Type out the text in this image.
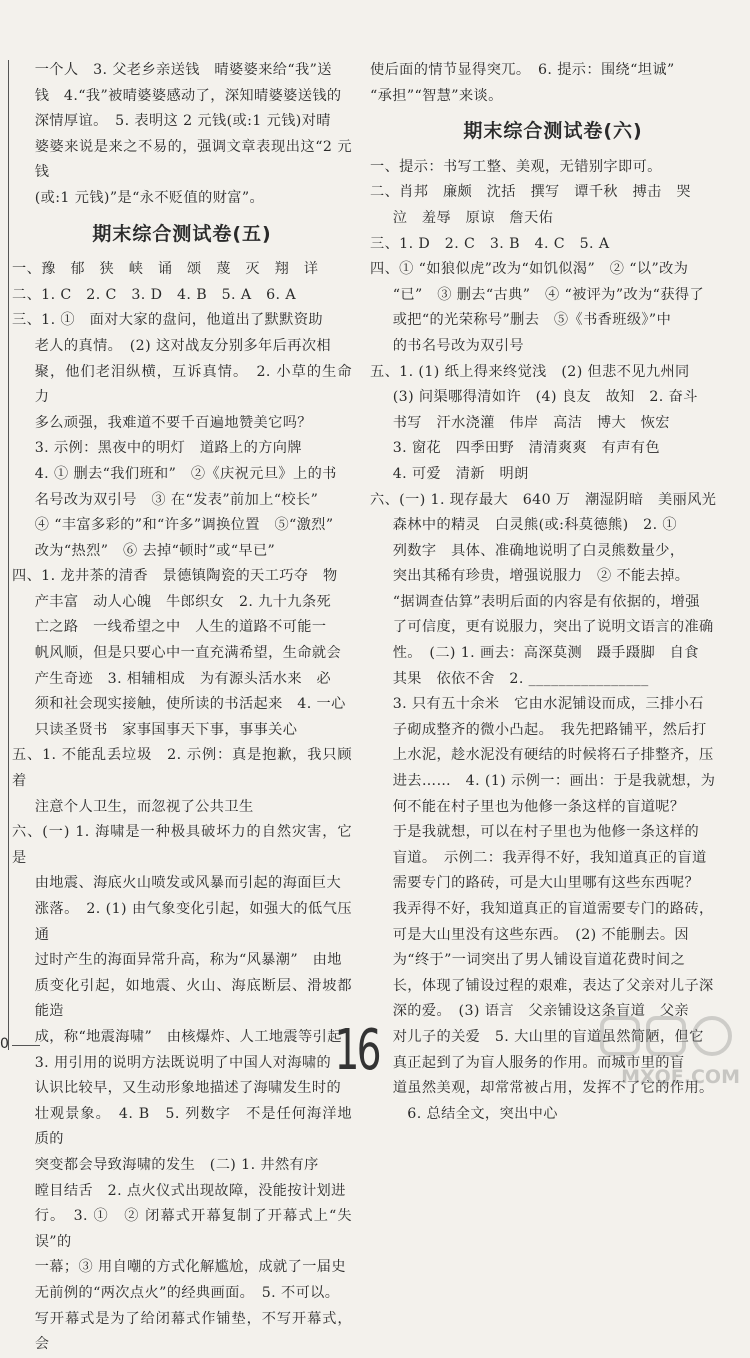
一个人　3. 父老乡亲送钱　晴婆婆来给“我”送

钱　4.“我”被晴婆婆感动了，深知晴婆婆送钱的

深情厚谊。　5. 表明这 2 元钱(或:1 元钱)对晴

婆婆来说是来之不易的，强调文章表现出这“2 元钱

(或:1 元钱)”是“永不贬值的财富”。

期末综合测试卷(五)

一、豫　郁　狭　峡　诵　颂　蔑　灭　翔　详

二、1. C　2. C　3. D　4. B　5. A　6. A

三、1. ①　面对大家的盘问，他道出了默默资助

老人的真情。　(2) 这对战友分别多年后再次相

聚，他们老泪纵横，互诉真情。　2. 小草的生命力

多么顽强，我难道不要千百遍地赞美它吗？

3. 示例：黑夜中的明灯　道路上的方向牌

4. ① 删去“我们班和”　②《庆祝元旦》上的书

名号改为双引号　③ 在“发表”前加上“校长”

④ “丰富多彩的”和“许多”调换位置　⑤“激烈”

改为“热烈”　⑥ 去掉“顿时”或“早已”

四、1. 龙井茶的清香　景德镇陶瓷的天工巧夺　物

产丰富　动人心魄　牛郎织女　2. 九十九条死

亡之路　一线希望之中　人生的道路不可能一

帆风顺，但是只要心中一直充满希望，生命就会

产生奇迹　3. 相辅相成　为有源头活水来　必

须和社会现实接触，使所读的书活起来　4. 一心

只读圣贤书　家事国事天下事，事事关心

五、1. 不能乱丢垃圾　2. 示例：真是抱歉，我只顾着

注意个人卫生，而忽视了公共卫生

六、(一) 1. 海啸是一种极具破坏力的自然灾害，它是

由地震、海底火山喷发或风暴而引起的海面巨大

涨落。　2. (1) 由气象变化引起，如强大的低气压通

过时产生的海面异常升高，称为“风暴潮”　由地

质变化引起，如地震、火山、海底断层、滑坡都能造

成，称“地震海啸”　由核爆炸、人工地震等引起

3. 用引用的说明方法既说明了中国人对海啸的

认识比较早，又生动形象地描述了海啸发生时的

壮观景象。　4. B　5. 列数字　不是任何海洋地质的

突变都会导致海啸的发生　(二) 1. 井然有序

瞠目结舌　2. 点火仪式出现故障，没能按计划进

行。　3. ①　② 闭幕式开幕复制了开幕式上“失误”的

一幕；③ 用自嘲的方式化解尴尬，成就了一届史

无前例的“两次点火”的经典画面。　5. 不可以。

写开幕式是为了给闭幕式作铺垫，不写开幕式，会

使后面的情节显得突兀。　6. 提示：围绕“坦诚”

“承担”“智慧”来谈。

期末综合测试卷(六)

一、提示：书写工整、美观，无错别字即可。

二、肖邦　廉颇　沈括　撰写　谭千秋　搏击　哭

泣　羞辱　原谅　詹天佑

三、1. D　2. C　3. B　4. C　5. A

四、① “如狼似虎”改为“如饥似渴”　② “以”改为

“已”　③ 删去“古典”　④ “被评为”改为“获得了

或把“的光荣称号”删去　⑤《书香班级》”中

的书名号改为双引号

五、1. (1) 纸上得来终觉浅　(2) 但悲不见九州同

(3) 问渠哪得清如许　(4) 良友　故知　2. 奋斗

书写　汗水浇灌　伟岸　高洁　博大　恢宏

3. 窗花　四季田野　清清爽爽　有声有色

4. 可爱　清新　明朗

六、(一) 1. 现存最大　640 万　潮湿阴暗　美丽风光

森林中的精灵　白灵熊(或:科莫德熊)　2. ①

列数字　具体、准确地说明了白灵熊数量少，

突出其稀有珍贵，增强说服力　② 不能去掉。

“据调查估算”表明后面的内容是有依据的，增强

了可信度，更有说服力，突出了说明文语言的准确

性。　(二) 1. 画去：高深莫测　蹑手蹑脚　自食

其果　依依不舍　2. ________________

3. 只有五十余米　它由水泥铺设而成，三排小石

子砌成整齐的微小凸起。　我先把路铺平，然后打

上水泥，趁水泥没有硬结的时候将石子排整齐，压

进去……　4. (1) 示例一：画出：于是我就想，为

何不能在村子里也为他修一条这样的盲道呢？

于是我就想，可以在村子里也为他修一条这样的

盲道。　示例二：我弄得不好，我知道真正的盲道

需要专门的路砖，可是大山里哪有这些东西呢？

我弄得不好，我知道真正的盲道需要专门的路砖，

可是大山里没有这些东西。　(2) 不能删去。因

为“终于”一词突出了男人铺设盲道花费时间之

长，体现了铺设过程的艰难，表达了父亲对儿子深

深的爱。　(3) 语言　父亲铺设这条盲道　父亲

对儿子的关爱　5. 大山里的盲道虽然简陋，但它

真正起到了为盲人服务的作用。而城市里的盲

道虽然美观，却常常被占用，发挥不了它的作用。

　6. 总结全文，突出中心

0	16	MXQE.COM
